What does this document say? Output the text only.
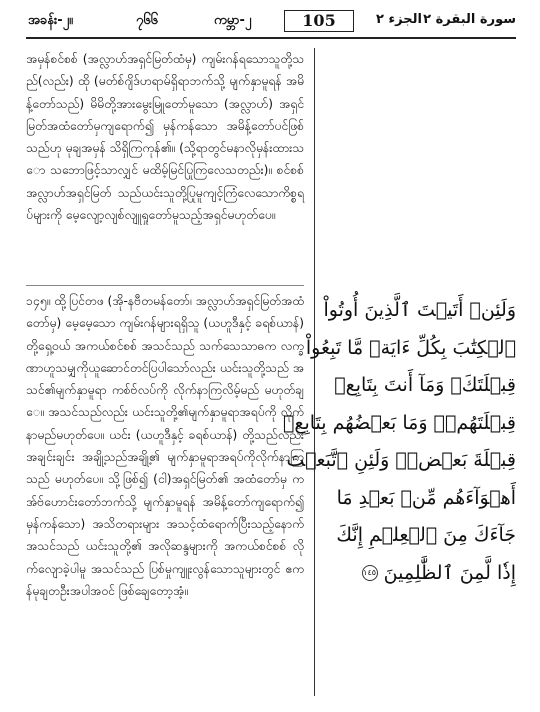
အခန်း-၂။	၇၆၆	ကမ္ဘာ-၂	105	الجزء ٢ سورة البقرة ٢
အမှန်စင်စစ် (အလ္လာဟ်အရှင်မြတ်ထံမှ) ကျမ်းဂန်ရသောသူတို့သည်(လည်း) ထို (မတ်စ်ဂျိဒ်ဟရာမ်ရှိရာဘက်သို့ မျက်နှာမူရန် အမိန့်တော်သည်) မိမိတို့အားမွေးမြူတော်မူသော (အလ္လာဟ်) အရှင်မြတ်အထံတော်မှကျရောက်၍ မှန်ကန်သော အမိန့်တော်ပင်ဖြစ်သည်ဟု မုချအမှန် သိရှိကြကုန်၏။ (သို့ရာတွင်မနာလိုမှန်းထားသော သဘောဖြင့်သာလျှင် မထိမ့်မြင်ပြုကြလေသတည်း)။ စင်စစ် အလ္လာဟ်အရှင်မြတ် သည်ယင်းသူတို့ပြုမူကျင့်ကြံလေသောကိစ္စရပ်များကို မေ့လျော့လျစ်လျူရှုတော်မူသည့်အရှင်မဟုတ်ပေ။
၁၄၅။ ထို့ပြင်တဖ (အို-နဗီတမန်တော်၊ အလ္လာဟ်အရှင်မြတ်အထံတော်မှ) မေ့မေ့သော ကျမ်းဂန်များရရှိသူ (ယဟူဒီနှင့် ခရစ်ယာန်)တို့ရှေ့ဝယ် အကယ်စင်စစ် အသင်သည် သက်သေသာဓက လက္ခဏာဟူသမျှကိုယူဆောင်တင်ပြပါသော်လည်း ယင်းသူတို့သည် အသင်၏မျက်နှာမူရာ ကစ်ဗ်လပ်ကို လိုက်နာကြလိမ့်မည် မဟုတ်ချေ။ အသင်သည်လည်း ယင်းသူတို့၏မျက်နှာမူရာအရပ်ကို လိုက်နာမည်မဟုတ်ပေ။ ယင်း (ယဟူဒီနှင့် ခရစ်ယာန်) တို့သည်လည်းအချင်းချင်း အချို့သည်အချို့၏ မျက်နှာမူရာအရပ်ကိုလိုက်နာကြသည် မဟုတ်ပေ။ သို့ဖြစ်၍ (ငါ)အရှင်မြတ်၏ အထံတော်မှ ကအ်ဗ်ဟောင်းတော်ဘက်သို့ မျက်နှာမူရန် အမိန့်တော်ကျရောက်၍မှန်ကန်သော) အသိတရားများ အသင့်ထံရောက်ပြီးသည့်နောက် အသင်သည် ယင်းသူတို့၏ အလိုဆန္ဒများကို အကယ်စင်စစ် လိုက်လျောခဲ့ပါမူ အသင်သည် ပြစ်မှုကျူးလွန်သောသူများတွင် ဧကန်မုချတဦးအပါအဝင် ဖြစ်ချေတော့အံ့။
وَلَئِنۡ أَتَيۡتَ ٱلَّذِينَ أُوتُواْ
ٱلۡكِتَٰبَ بِكُلِّ ءَايَةٖ مَّا تَبِعُواْ
قِبۡلَتَكَۚ وَمَآ أَنتَ بِتَابِعٖ
قِبۡلَتَهُمۡۚ وَمَا بَعۡضُهُم بِتَابِعٖ
قِبۡلَةَ بَعۡضٖۚ وَلَئِنِ ٱتَّبَعۡتَ
أَهۡوَآءَهُم مِّنۢ بَعۡدِ مَا
جَآءَكَ مِنَ ٱلۡعِلۡمِ إِنَّكَ
إِذٗا لَّمِنَ ٱلظَّٰلِمِينَ ١٤٥
